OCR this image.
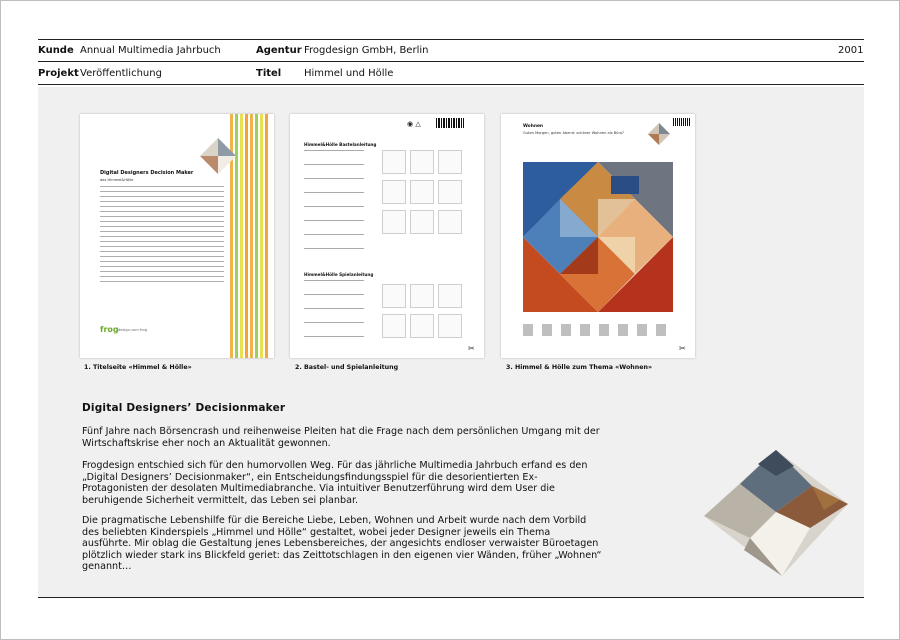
Kunde Annual Multimedia Jahrbuch	Agentur Frogdesign GmbH, Berlin	2001
Projekt Veröffentlichung	Titel Himmel und Hölle
Digital Designers Decision Maker
das Himmel&Hölle
frog design.com frog
1. Titelseite «Himmel & Hölle»
◉ △
Himmel&Hölle Bastelanleitung
Himmel&Hölle Spielanleitung
✂
2. Bastel- und Spielanleitung
Wohnen
Guten Morgen, guten Abend: schöner Wohnen als Büro?
✂
3. Himmel & Hölle zum Thema «Wohnen»
Digital Designers’ Decisionmaker

Fünf Jahre nach Börsencrash und reihenweise Pleiten hat die Frage nach dem persönlichen Umgang mit der Wirtschaftskrise eher noch an Aktualität gewonnen.

Frogdesign entschied sich für den humorvollen Weg. Für das jährliche Multimedia Jahrbuch erfand es den „Digital Designers’ Decisionmaker“, ein Entscheidungsfindungsspiel für die desorientierten Ex-Protagonisten der desolaten Multimediabranche. Via intuitiver Benutzerführung wird dem User die beruhigende Sicherheit vermittelt, das Leben sei planbar.

Die pragmatische Lebenshilfe für die Bereiche Liebe, Leben, Wohnen und Arbeit wurde nach dem Vorbild des beliebten Kinderspiels „Himmel und Hölle“ gestaltet, wobei jeder Designer jeweils ein Thema ausführte. Mir oblag die Gestaltung jenes Lebensbereiches, der angesichts endloser verwaister Büroetagen plötzlich wieder stark ins Blickfeld geriet: das Zeittotschlagen in den eigenen vier Wänden, früher „Wohnen“ genannt…
